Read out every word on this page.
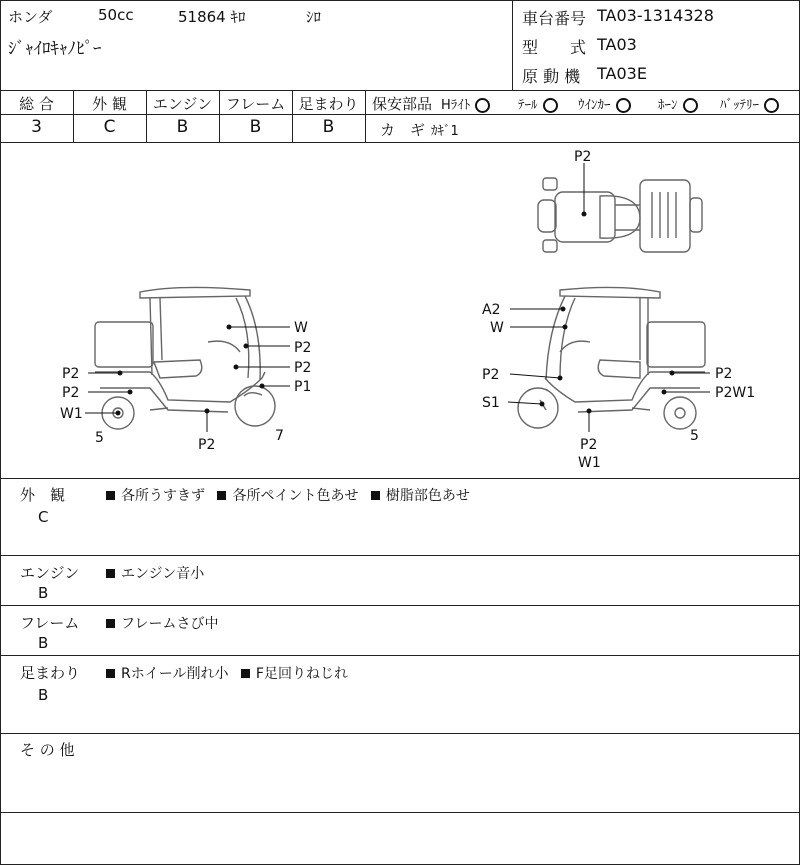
ホンダ	50cc	51864 ｷﾛ	ｼﾛ
ｼﾞｬｲﾛｷｬﾉﾋﾟｰ
車台番号 TA03-1314328
型　　式 TA03
原 動 機 TA03E
総 合	外 観	エンジン フレーム 足まわり
3	C	B	B	B
保安部品 Hﾗｲﾄ	ﾃｰﾙ	ｳｲﾝｶｰ	ﾎｰﾝ	ﾊﾞｯﾃﾘｰ
カ　ギ ｶｷﾞ1
P2
W
P2
P2
P1
P2
P2
W1
5	P2
7
A2
W
P2
S1
P2
P2W1
P2
W1
5
外　観
C
各所うすきず 各所ペイント色あせ 樹脂部色あせ
エンジン
B
エンジン音小
フレーム
B
フレームさび中
足まわり
B
Rホイール削れ小 F足回りねじれ
そ の 他
